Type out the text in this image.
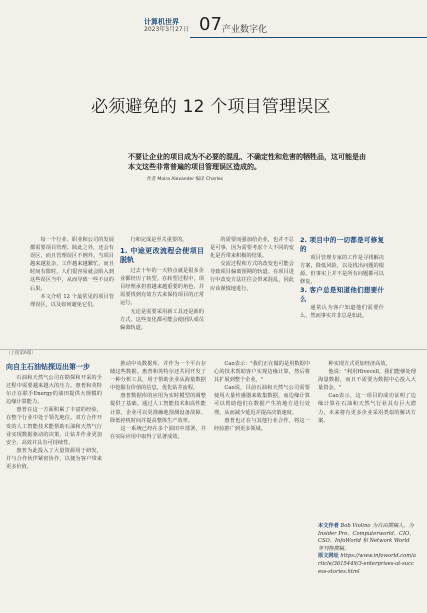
计算机世界
2023年3月27日 07 产业数字化
必须避免的 12 个项目管理误区
不要让企业的项目成为不必要的混乱、不确定性和危害的牺牲品，这可能是由本文这些非常普遍的项目管理误区造成的。
作者 Moira Alexander 编译 Charles

每一个行业、职业和公司的发展都需要项目管理。除此之外，还会有误区，而且管理误区不例外。当项目越来越复杂，工作越来越繁忙，而且时间有限时，人们很容易就会陷入到这些误区当中，从而导致一些不良的后果。

本文介绍 12 个最常见的项目管理误区，以及如何避免它们。

行和完成是至关重要的。

1. 中途更改流程会使项目脱轨

过去十年的一大特点就是很多企业都经历了转型。在转型过程中，项目经理承担着越来越重要的角色，并需要找到有效方式来保持项目的正常运行。

无论是需要采用新工具还是新的方式，这些变化都可能会使团队成员偏离轨道。

的需要而强加给企业，也并不总是可事，因为需要考虑个人不同的变化是否带来积极的结果。

交流过程和方式的改变也可能会导致项目偏离预期的轨道。在项目进行中改变方法往往会带来混乱，因此应该谨慎地进行。

2. 项目中的一切都是可修复的

项目管理专家的工作是寻找解决方案，降低风险，以及找出问题的根源。但事实上并不是所有问题都可以修复。

3. 客户总是知道他们想要什么

通常认为客户知道他们需要什么，然而事实并非总是如此。

（上接第6版）
向自主石油钻探迈出第一步

石油和天然气公司在勘探和开采的全过程中需要越来越大的压力。惠普和英特尔正在联手Energy的油田提供大规模的边缘计算能力。

惠普在这一方面积累了丰富的经验，在整个行业中处于领先地位。双方合作开发的人工智能技术能帮助石油和天然气行业实现数据驱动的决策，让钻井作业更加安全、高效并具有可持续性。

惠普为此投入了大量资源用于研发，并与合作伙伴紧密协作，以便为客户带来更多价值。

推动中央数据库，并作为一个平台存储这些数据。惠普和英特尔还共同开发了一种分析工具，用于帮助企业从海量数据中挖掘有价值的信息，优化钻井流程。

惠普数据库的应用为实时模型的调整提供了基础。通过人工智能技术和高性能计算，企业可以更准确地预测设备故障、降低停机时间并提高整体生产效率。

这一系统已经在多个油田中部署，并在实际应用中取得了显著成效。

Cao表示："我们正在做的是用数据中心的技术帮助客户实现边缘计算，然后将其扩展到整个企业。"

Cao说，目前石油和天然气公司需要使用大量传感器来收集数据，而边缘计算可以帮助他们在数据产生的地方进行处理，从而减少延迟并提高决策速度。

惠普也正在与其他行业合作，将这一经验推广到更多领域。

种实现方式更加经济高效。

他说："利用Hivecell，我们能够处理海量数据，而且不需要为数据中心投入大量资金。"

Cao表示，这一项目的成功证明了边缘计算在石油和天然气行业具有巨大潜力，未来将有更多企业采用类似的解决方案。

本文作者 Bob Violino 为自由撰稿人，为 Insider Pro、Computerworld、CIO、CSO、InfoWorld 和 Network World 等刊物撰稿。
原文网址 https://www.infoworld.com/article/3615449/3-enterprises-at-success-stories.html
